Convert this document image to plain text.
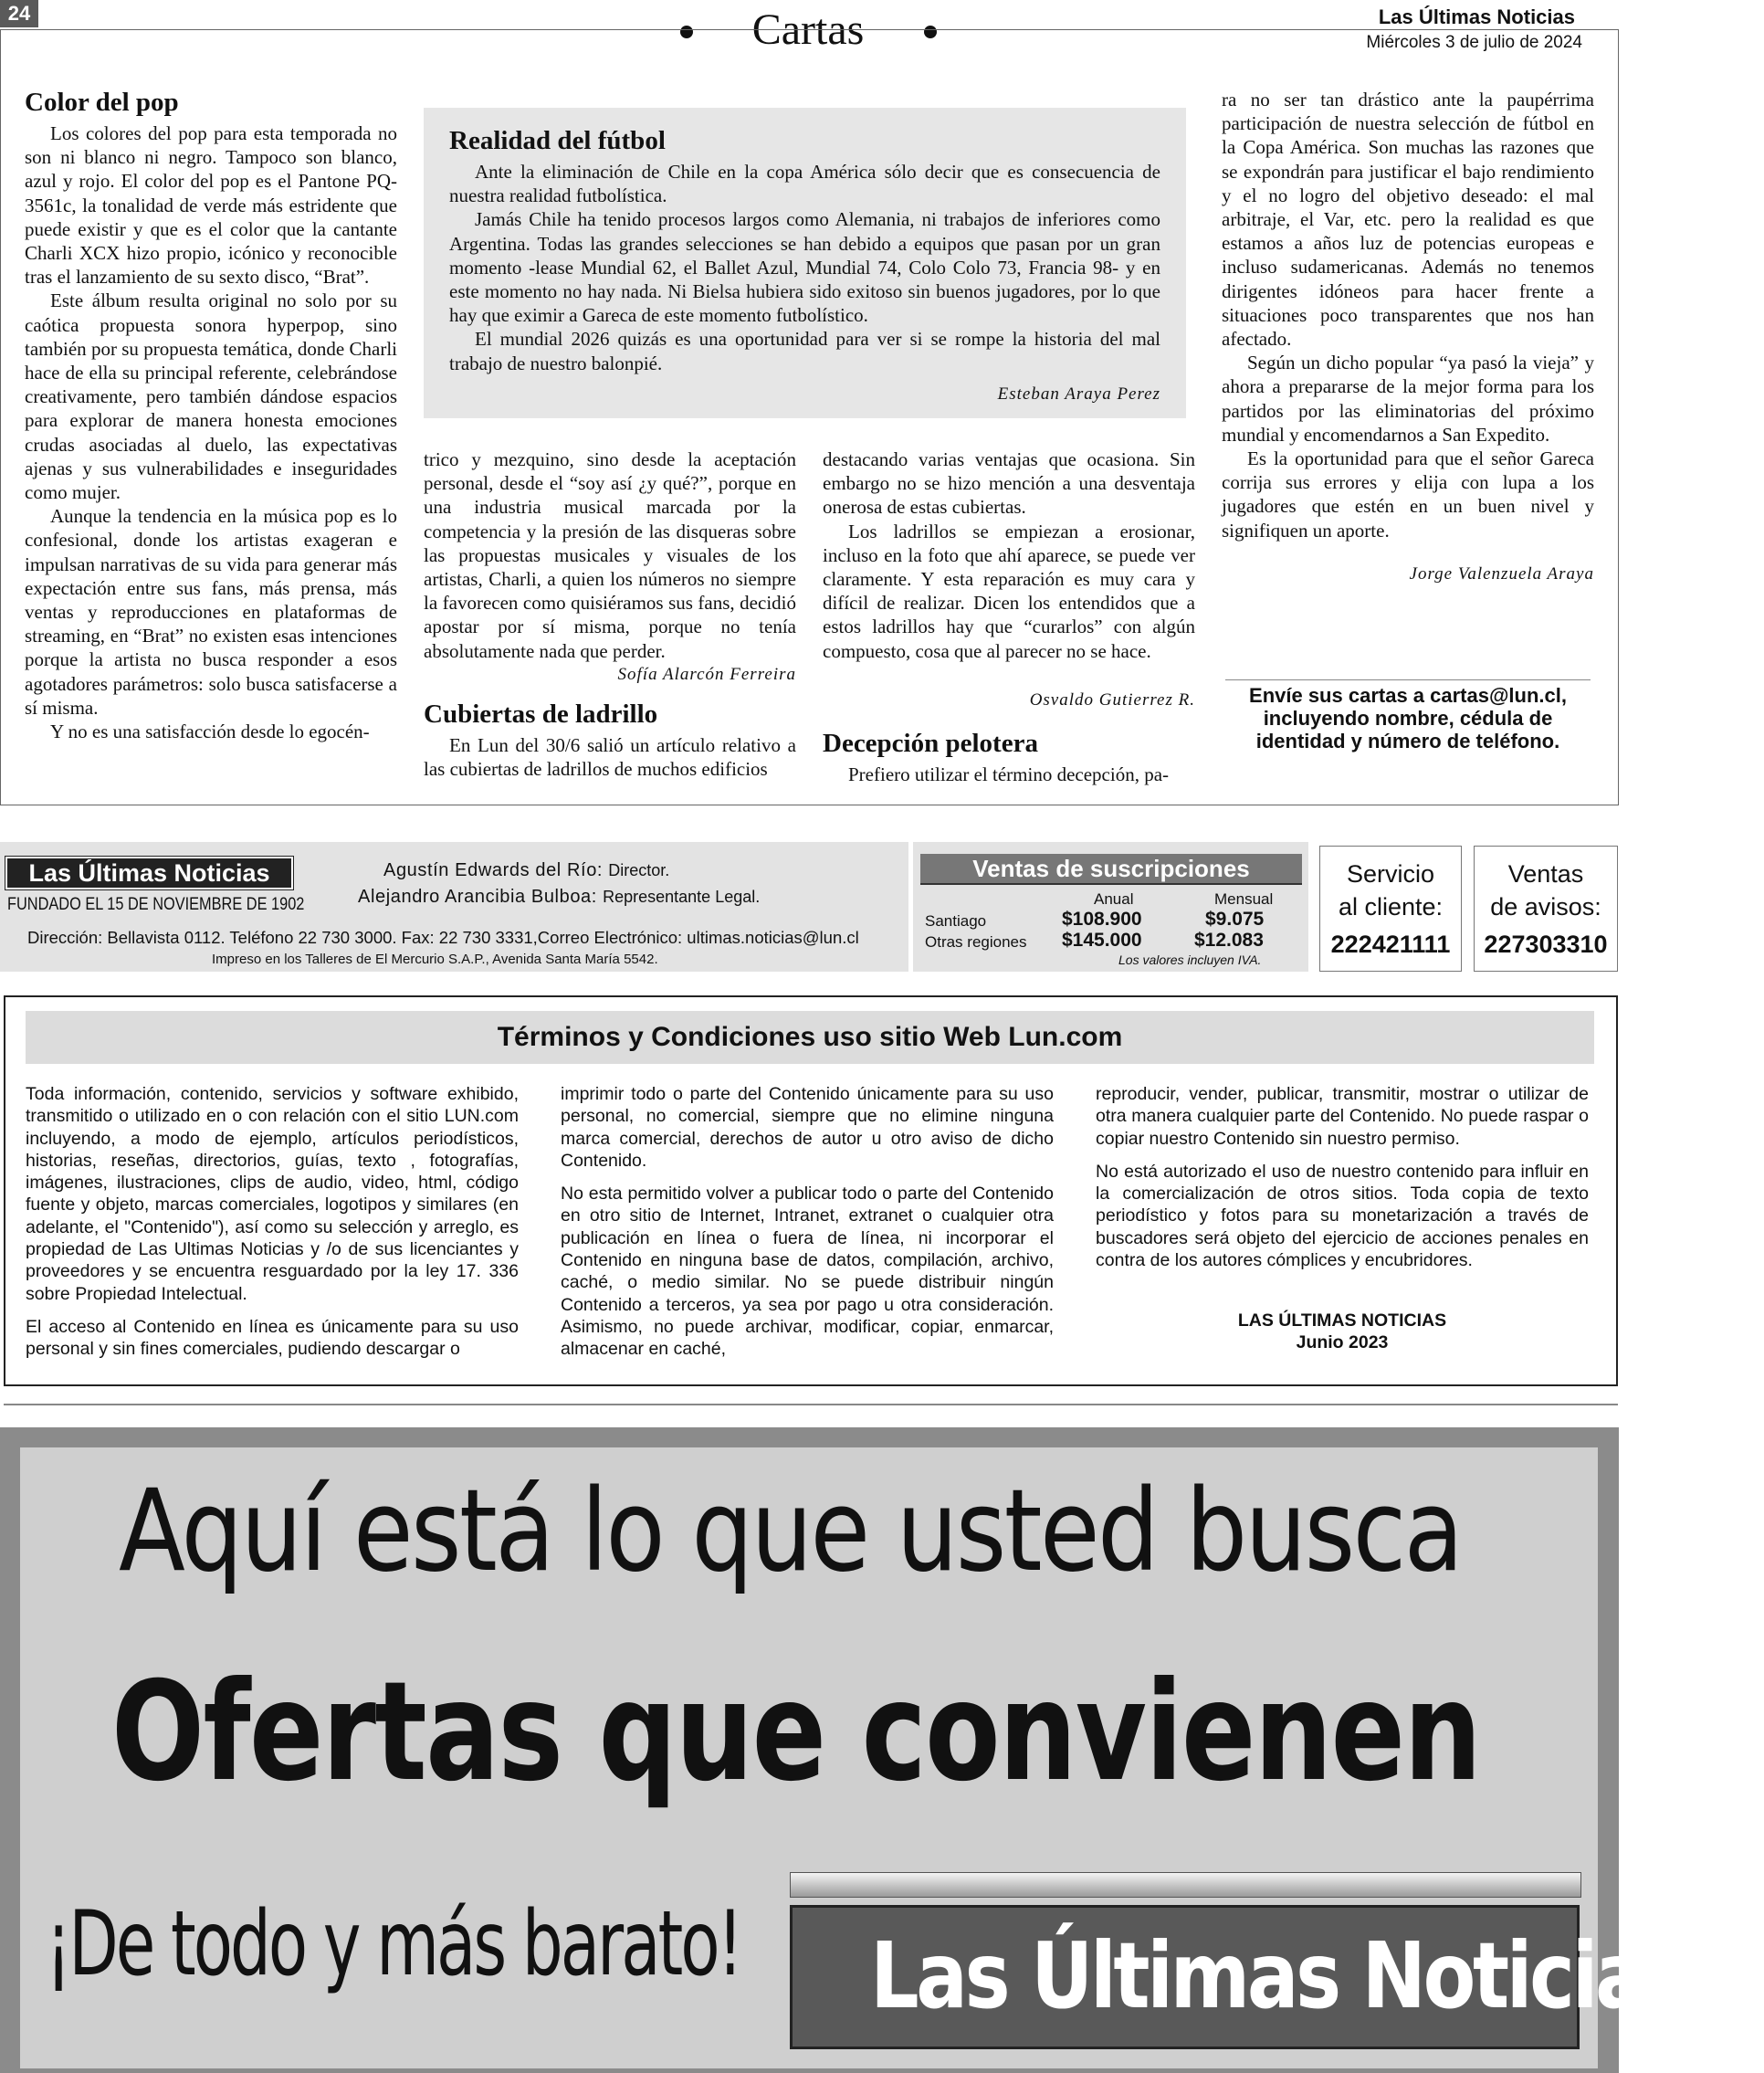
24	Cartas	Las Últimas Noticias
Miércoles 3 de julio de 2024
Color del pop

Los colores del pop para esta temporada no son ni blanco ni negro. Tampoco son blanco, azul y rojo. El color del pop es el Pantone PQ-3561c, la tonalidad de verde más estridente que puede existir y que es el color que la cantante Charli XCX hizo propio, icónico y reconocible tras el lanzamiento de su sexto disco, “Brat”.

Este álbum resulta original no solo por su caótica propuesta sonora hyperpop, sino también por su propuesta temática, donde Charli hace de ella su principal referente, celebrándose creativamente, pero también dándose espacios para explorar de manera honesta emociones crudas asociadas al duelo, las expectativas ajenas y sus vulnerabilidades e inseguridades como mujer.

Aunque la tendencia en la música pop es lo confesional, donde los artistas exageran e impulsan narrativas de su vida para generar más expectación entre sus fans, más prensa, más ventas y reproducciones en plataformas de streaming, en “Brat” no existen esas intenciones porque la artista no busca responder a esos agotadores parámetros: solo busca satisfacerse a sí misma.

Y no es una satisfacción desde lo egocén-

Realidad del fútbol

Ante la eliminación de Chile en la copa América sólo decir que es consecuencia de nuestra realidad futbolística.

Jamás Chile ha tenido procesos largos como Alemania, ni trabajos de inferiores como Argentina. Todas las grandes selecciones se han debido a equipos que pasan por un gran momento -lease Mundial 62, el Ballet Azul, Mundial 74, Colo Colo 73, Francia 98- y en este momento no hay nada. Ni Bielsa hubiera sido exitoso sin buenos jugadores, por lo que hay que eximir a Gareca de este momento futbolístico.

El mundial 2026 quizás es una oportunidad para ver si se rompe la historia del mal trabajo de nuestro balonpié.

Esteban Araya Perez

trico y mezquino, sino desde la aceptación personal, desde el “soy así ¿y qué?”, porque en una industria musical marcada por la competencia y la presión de las disqueras sobre las propuestas musicales y visuales de los artistas, Charli, a quien los números no siempre la favorecen como quisiéramos sus fans, decidió apostar por sí misma, porque no tenía absolutamente nada que perder.

Sofía Alarcón Ferreira
Cubiertas de ladrillo

En Lun del 30/6 salió un artículo relativo a las cubiertas de ladrillos de muchos edificios

destacando varias ventajas que ocasiona. Sin embargo no se hizo mención a una desventaja onerosa de estas cubiertas.

Los ladrillos se empiezan a erosionar, incluso en la foto que ahí aparece, se puede ver claramente. Y esta reparación es muy cara y difícil de realizar. Dicen los entendidos que a estos ladrillos hay que “curarlos” con algún compuesto, cosa que al parecer no se hace.

Osvaldo Gutierrez R.
Decepción pelotera

Prefiero utilizar el término decepción, pa-

ra no ser tan drástico ante la paupérrima participación de nuestra selección de fútbol en la Copa América. Son muchas las razones que se expondrán para justificar el bajo rendimiento y el no logro del objetivo deseado: el mal arbitraje, el Var, etc. pero la realidad es que estamos a años luz de potencias europeas e incluso sudamericanas. Además no tenemos dirigentes idóneos para hacer frente a situaciones poco transparentes que nos han afectado.

Según un dicho popular “ya pasó la vieja” y ahora a prepararse de la mejor forma para los partidos por las eliminatorias del próximo mundial y encomendarnos a San Expedito.

Es la oportunidad para que el señor Gareca corrija sus errores y elija con lupa a los jugadores que estén en un buen nivel y signifiquen un aporte.

Jorge Valenzuela Araya
Envíe sus cartas a cartas@lun.cl, incluyendo nombre, cédula de identidad y número de teléfono.
Las Últimas Noticias
FUNDADO EL 15 DE NOVIEMBRE DE 1902
Agustín Edwards del Río: Director.
Alejandro Arancibia Bulboa: Representante Legal.
Dirección: Bellavista 0112. Teléfono 22 730 3000. Fax: 22 730 3331,Correo Electrónico: ultimas.noticias@lun.cl
Impreso en los Talleres de El Mercurio S.A.P., Avenida Santa María 5542.
Ventas de suscripciones
Anual	Mensual
Santiago	$108.900	$9.075
Otras regiones $145.000	$12.083
Los valores incluyen IVA.
Servicio
al cliente:
222421111
Ventas
de avisos:
227303310
Términos y Condiciones uso sitio Web Lun.com

Toda información, contenido, servicios y software exhibido, transmitido o utilizado en o con relación con el sitio LUN.com incluyendo, a modo de ejemplo, artículos periodísticos, historias, reseñas, directorios, guías, texto , fotografías, imágenes, ilustraciones, clips de audio, video, html, código fuente y objeto, marcas comerciales, logotipos y similares (en adelante, el "Contenido"), así como su selección y arreglo, es propiedad de Las Ultimas Noticias y /o de sus licenciantes y proveedores y se encuentra resguardado por la ley 17. 336 sobre Propiedad Intelectual.

El acceso al Contenido en línea es únicamente para su uso personal y sin fines comerciales, pudiendo descargar o

imprimir todo o parte del Contenido únicamente para su uso personal, no comercial, siempre que no elimine ninguna marca comercial, derechos de autor u otro aviso de dicho Contenido.

No esta permitido volver a publicar todo o parte del Contenido en otro sitio de Internet, Intranet, extranet o cualquier otra publicación en línea o fuera de línea, ni incorporar el Contenido en ninguna base de datos, compilación, archivo, caché, o medio similar. No se puede distribuir ningún Contenido a terceros, ya sea por pago u otra consideración. Asimismo, no puede archivar, modificar, copiar, enmarcar, almacenar en caché,

reproducir, vender, publicar, transmitir, mostrar o utilizar de otra manera cualquier parte del Contenido. No puede raspar o copiar nuestro Contenido sin nuestro permiso.

No está autorizado el uso de nuestro contenido para influir en la comercialización de otros sitios. Toda copia de texto periodístico y fotos para su monetarización a través de buscadores será objeto del ejercicio de acciones penales en contra de los autores cómplices y encubridores.

LAS ÚLTIMAS NOTICIAS
Junio 2023
Aquí está lo que usted busca
Ofertas que convienen
¡De todo y más barato!	Las Últimas Noticias
